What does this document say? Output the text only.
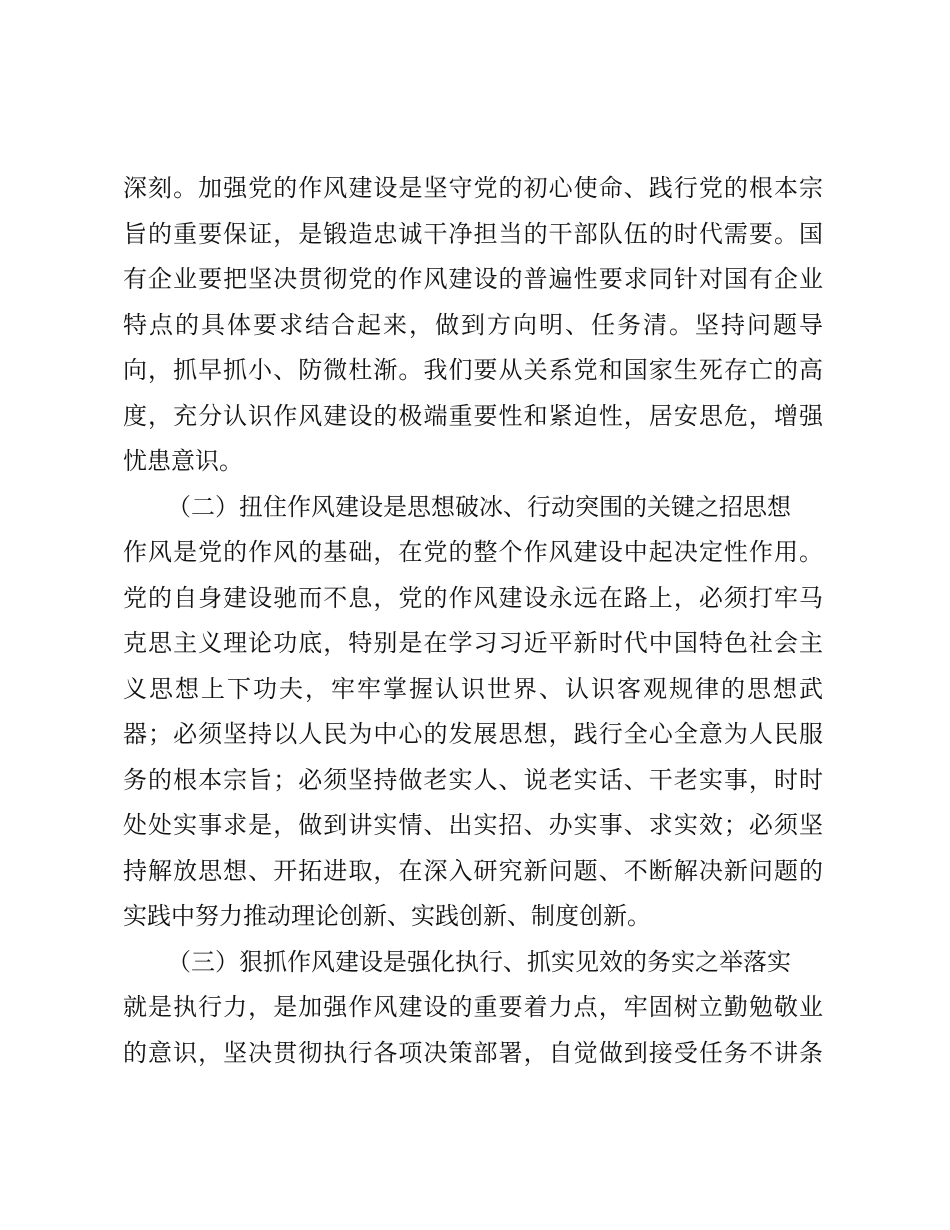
深刻。加强党的作风建设是坚守党的初心使命、践行党的根本宗
旨的重要保证，是锻造忠诚干净担当的干部队伍的时代需要。国
有企业要把坚决贯彻党的作风建设的普遍性要求同针对国有企业
特点的具体要求结合起来，做到方向明、任务清。坚持问题导
向，抓早抓小、防微杜渐。我们要从关系党和国家生死存亡的高
度，充分认识作风建设的极端重要性和紧迫性，居安思危，增强
忧患意识。
（二）扭住作风建设是思想破冰、行动突围的关键之招思想
作风是党的作风的基础，在党的整个作风建设中起决定性作用。
党的自身建设驰而不息，党的作风建设永远在路上，必须打牢马
克思主义理论功底，特别是在学习习近平新时代中国特色社会主
义思想上下功夫，牢牢掌握认识世界、认识客观规律的思想武
器；必须坚持以人民为中心的发展思想，践行全心全意为人民服
务的根本宗旨；必须坚持做老实人、说老实话、干老实事，时时
处处实事求是，做到讲实情、出实招、办实事、求实效；必须坚
持解放思想、开拓进取，在深入研究新问题、不断解决新问题的
实践中努力推动理论创新、实践创新、制度创新。
（三）狠抓作风建设是强化执行、抓实见效的务实之举落实
就是执行力，是加强作风建设的重要着力点，牢固树立勤勉敬业
的意识，坚决贯彻执行各项决策部署，自觉做到接受任务不讲条
